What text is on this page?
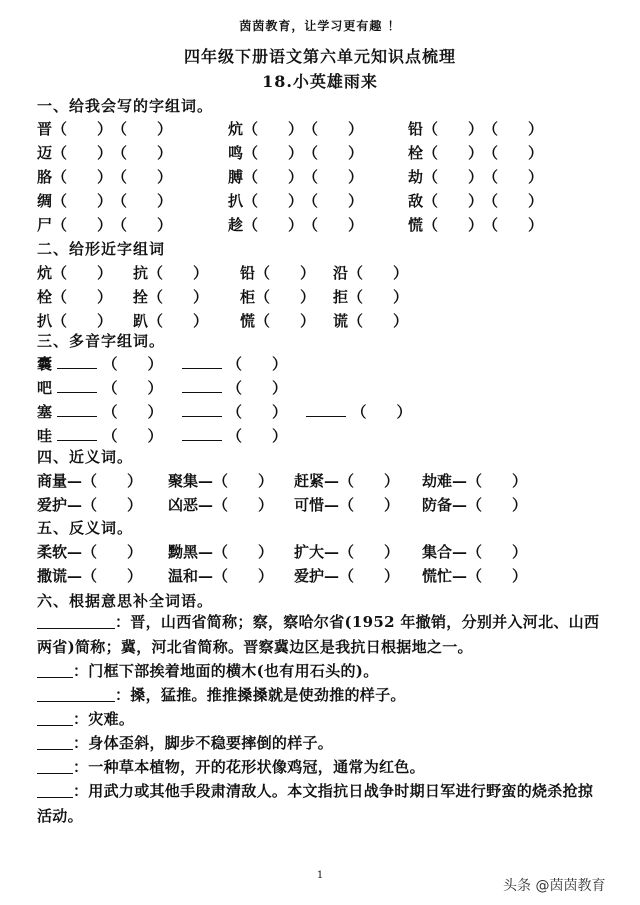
茵茵教育，让学习更有趣 ！
四年级下册语文第六单元知识点梳理
18.小英雄雨来
一、给我会写的字组词。
晋（　　）　（　　）	炕（　　）　（　　）	铅（　　）　（　　）
迈（　　）　（　　）	鸣（　　）　（　　）	栓（　　）　（　　）
胳（　　）　（　　）	膊（　　）　（　　）	劫（　　）　（　　）
绸（　　）　（　　）	扒（　　）　（　　）	敌（　　）　（　　）
尸（　　）　（　　）	趁（　　）　（　　）	慌（　　）　（　　）
二、给形近字组词
炕（　　） 抗（　　） 铅（　　） 沿（　　）
栓（　　） 拴（　　） 柜（　　） 拒（　　）
扒（　　） 趴（　　） 慌（　　） 谎（　　）
三、多音字组词。
囊	（　　）	（　　）
吧	（　　）	（　　）
塞	（　　）	（　　）	（　　）
哇	（　　）	（　　）
四、近义词。
商量—（　　） 聚集—（　　） 赶紧—（　　） 劫难—（　　）
爱护—（　　） 凶恶—（　　） 可惜—（　　） 防备—（　　）
五、反义词。
柔软—（　　） 黝黑—（　　） 扩大—（　　） 集合—（　　）
撒谎—（　　） 温和—（　　） 爱护—（　　） 慌忙—（　　）
六、根据意思补全词语。
：晋，山西省简称；察，察哈尔省(1952 年撤销，分别并入河北、山西两省)简称；冀，河北省简称。晋察冀边区是我抗日根据地之一。
：门框下部挨着地面的横木(也有用石头的)。
：搡，猛推。推推搡搡就是使劲推的样子。
：灾难。
：身体歪斜，脚步不稳要摔倒的样子。
：一种草本植物，开的花形状像鸡冠，通常为红色。
：用武力或其他手段肃清敌人。本文指抗日战争时期日军进行野蛮的烧杀抢掠活动。
1
头条 @茵茵教育
